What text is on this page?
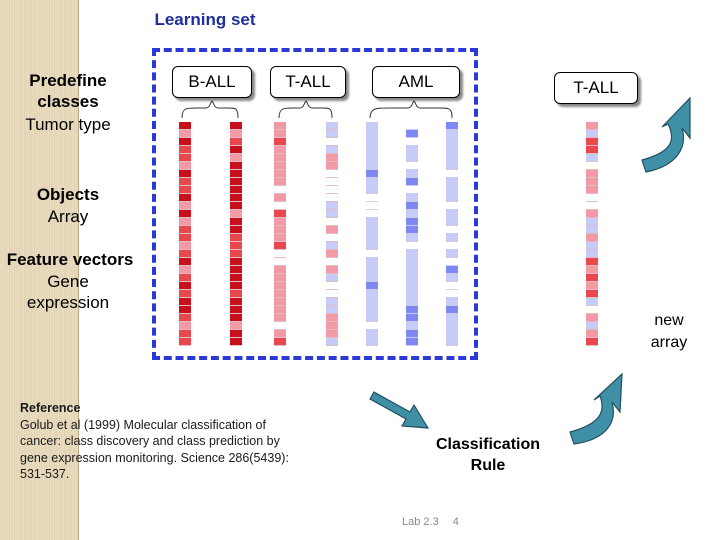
Learning set
Predefine
classes
Tumor type
Objects
Array
Feature vectors
Gene
expression
B-ALL	T-ALL	AML	T-ALL
new
array
Reference
Golub et al (1999) Molecular classification of cancer: class discovery and class prediction by gene expression monitoring. Science 286(5439): 531-537.
Classification
Rule
Lab 2.3 4
